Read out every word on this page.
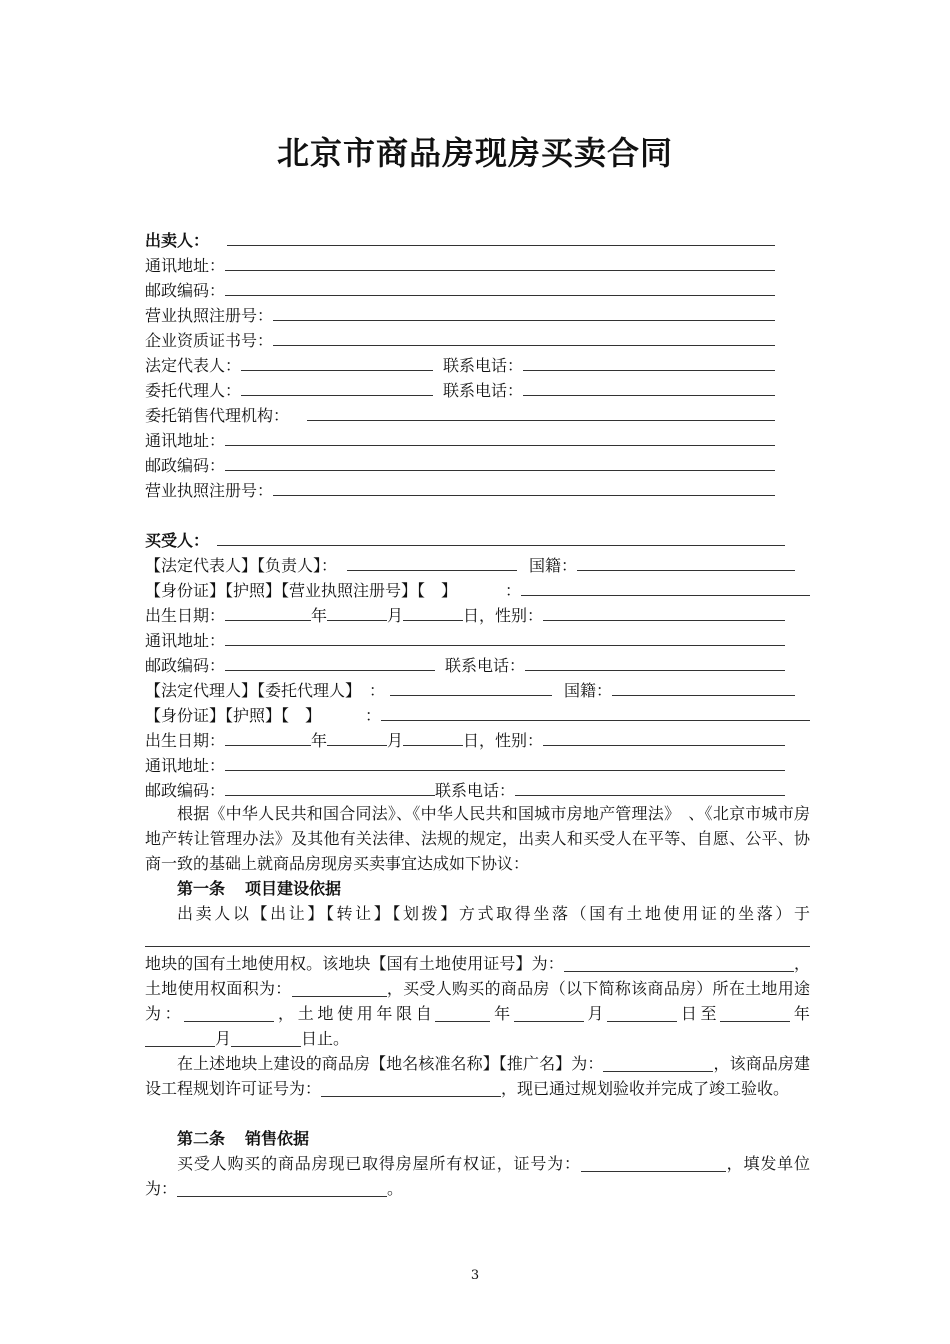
北京市商品房现房买卖合同
出卖人：
通讯地址：
邮政编码：
营业执照注册号：
企业资质证书号：
法定代表人：	联系电话：
委托代理人：	联系电话：
委托销售代理机构：
通讯地址：
邮政编码：
营业执照注册号：
买受人：
【法定代表人】【负责人】：	国籍：
【身份证】【护照】【营业执照注册号】【　】	：
出生日期：	年	月	日，性别：
通讯地址：
邮政编码：	联系电话：
【法定代理人】【委托代理人】　：	国籍：
【身份证】【护照】【　】	：
出生日期：	年	月	日，性别：
通讯地址：
邮政编码：	联系电话：

根据《中华人民共和国合同法》、《中华人民共和国城市房地产管理法》　、《北京市城市房地产转让管理办法》及其他有关法律、法规的规定，出卖人和买受人在平等、自愿、公平、协商一致的基础上就商品房现房买卖事宜达成如下协议：

第一条 项目建设依据

出卖人以【出让】【转让】【划拨】方式取得坐落（国有土地使用证的坐落）于地块的国有土地使用权。该地块【国有土地使用证号】为：	，土地使用权面积为：	，买受人购买的商品房（以下简称该商品房）所在土地用途为：	，土地使用年限自	年	月	日至	年月	日止。

在上述地块上建设的商品房【地名核准名称】【推广名】为：	，该商品房建设工程规划许可证号为：	，现已通过规划验收并完成了竣工验收。

第二条 销售依据

买受人购买的商品房现已取得房屋所有权证，证号为：	，填发单位为：	。

3
